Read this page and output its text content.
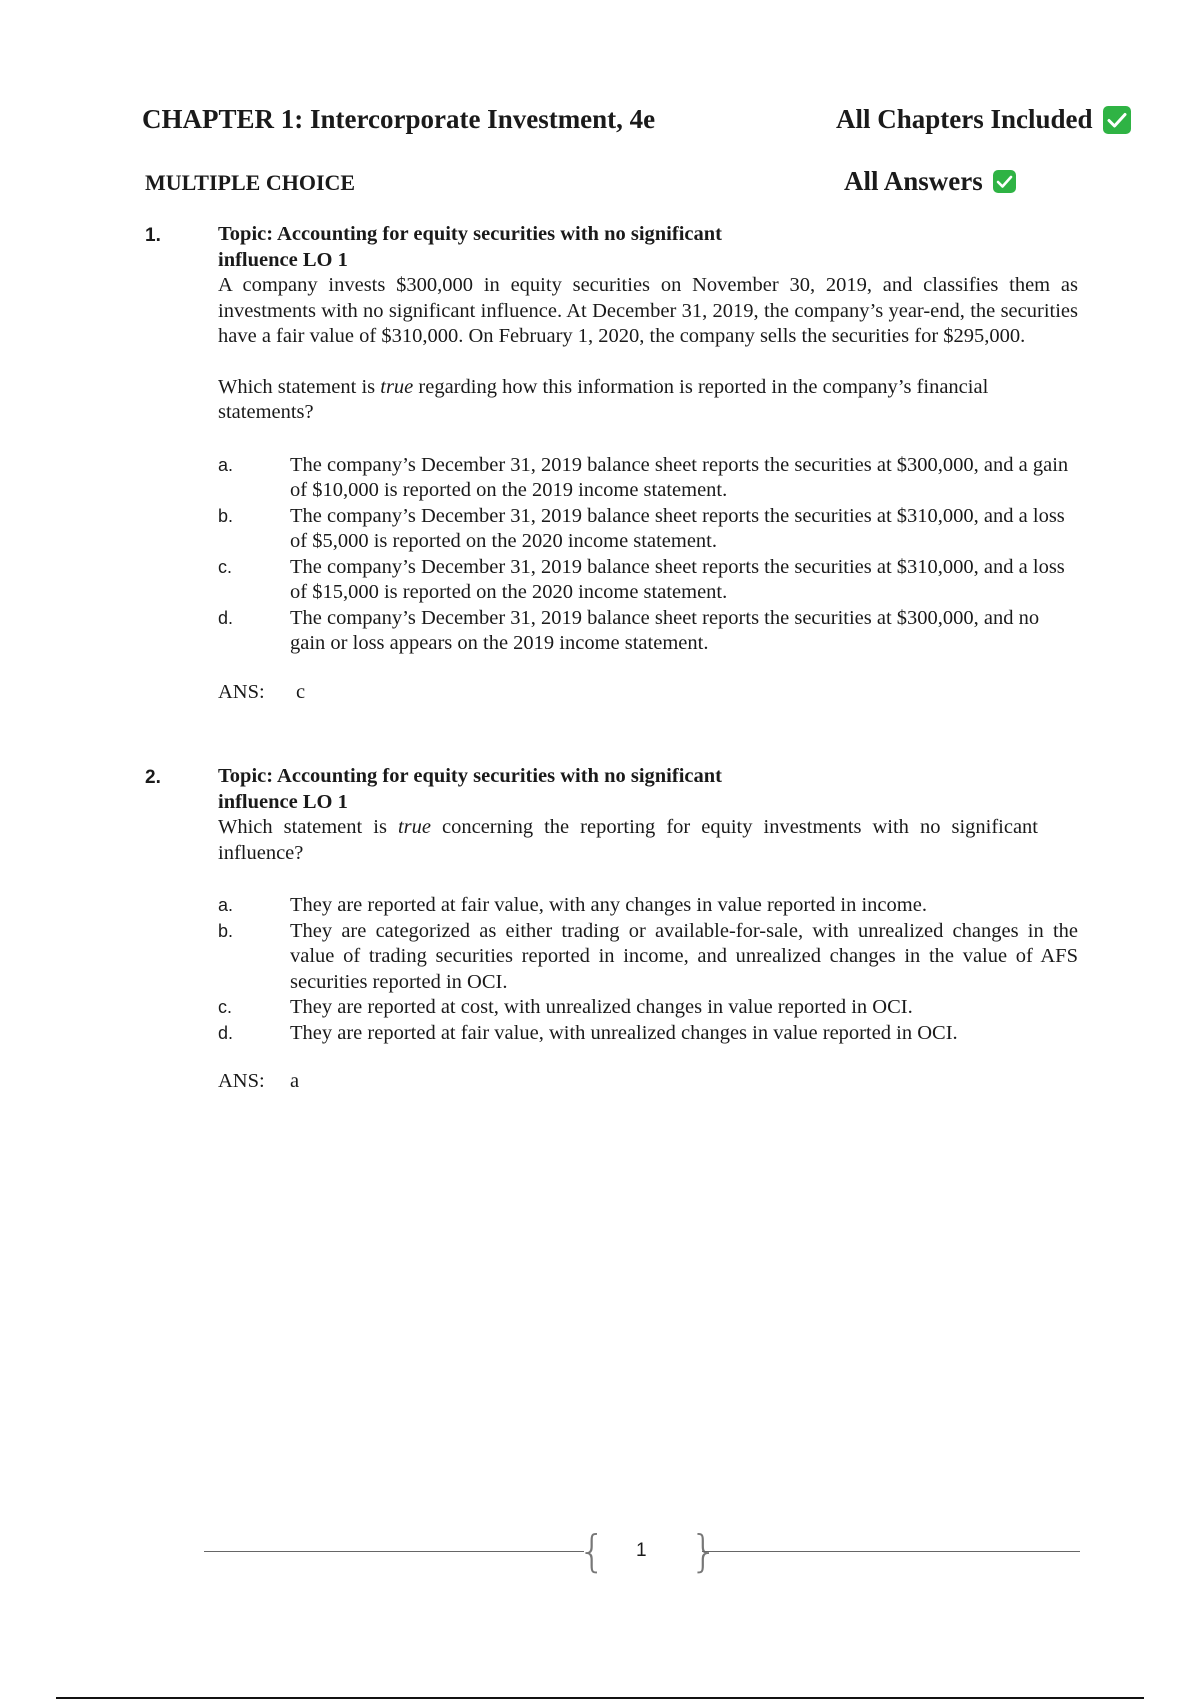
CHAPTER 1: Intercorporate Investment, 4e	All Chapters Included
MULTIPLE CHOICE	All Answers
1.	Topic: Accounting for equity securities with no significant influence LO 1
A company invests $300,000 in equity securities on November 30, 2019, and classifies them as investments with no significant influence. At December 31, 2019, the company’s year-end, the securities have a fair value of $310,000. On February 1, 2020, the company sells the securities for $295,000.
Which statement is true regarding how this information is reported in the company’s financial statements?
a.	The company’s December 31, 2019 balance sheet reports the securities at $300,000, and a gain of $10,000 is reported on the 2019 income statement.
b.	The company’s December 31, 2019 balance sheet reports the securities at $310,000, and a loss of $5,000 is reported on the 2020 income statement.
c.	The company’s December 31, 2019 balance sheet reports the securities at $310,000, and a loss of $15,000 is reported on the 2020 income statement.
d.	The company’s December 31, 2019 balance sheet reports the securities at $300,000, and no gain or loss appears on the 2019 income statement.
ANS:	c
2.	Topic: Accounting for equity securities with no significant influence LO 1
Which statement is true concerning the reporting for equity investments with no significant influence?
a.	They are reported at fair value, with any changes in value reported in income.
b.	They are categorized as either trading or available-for-sale, with unrealized changes in the value of trading securities reported in income, and unrealized changes in the value of AFS securities reported in OCI.
c.	They are reported at cost, with unrealized changes in value reported in OCI.
d.	They are reported at fair value, with unrealized changes in value reported in OCI.
ANS:	a
{ 1 }
